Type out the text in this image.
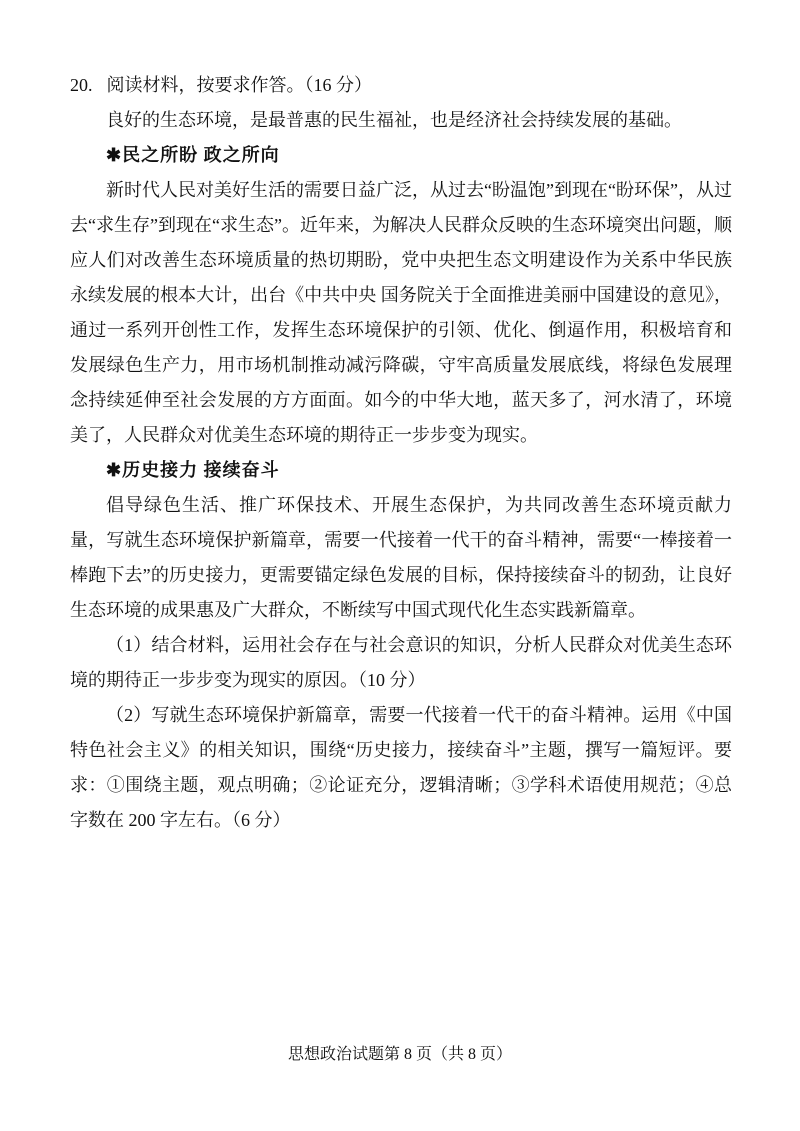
20. 阅读材料，按要求作答。（16 分）

良好的生态环境，是最普惠的民生福祉，也是经济社会持续发展的基础。

✱民之所盼 政之所向

新时代人民对美好生活的需要日益广泛，从过去“盼温饱”到现在“盼环保”，从过去“求生存”到现在“求生态”。近年来，为解决人民群众反映的生态环境突出问题，顺应人们对改善生态环境质量的热切期盼，党中央把生态文明建设作为关系中华民族永续发展的根本大计，出台《中共中央 国务院关于全面推进美丽中国建设的意见》，通过一系列开创性工作，发挥生态环境保护的引领、优化、倒逼作用，积极培育和发展绿色生产力，用市场机制推动减污降碳，守牢高质量发展底线，将绿色发展理念持续延伸至社会发展的方方面面。如今的中华大地，蓝天多了，河水清了，环境美了，人民群众对优美生态环境的期待正一步步变为现实。

✱历史接力 接续奋斗

倡导绿色生活、推广环保技术、开展生态保护，为共同改善生态环境贡献力量，写就生态环境保护新篇章，需要一代接着一代干的奋斗精神，需要“一棒接着一棒跑下去”的历史接力，更需要锚定绿色发展的目标，保持接续奋斗的韧劲，让良好生态环境的成果惠及广大群众，不断续写中国式现代化生态实践新篇章。

（1）结合材料，运用社会存在与社会意识的知识，分析人民群众对优美生态环境的期待正一步步变为现实的原因。（10 分）

（2）写就生态环境保护新篇章，需要一代接着一代干的奋斗精神。运用《中国特色社会主义》的相关知识，围绕“历史接力，接续奋斗”主题，撰写一篇短评。要求：①围绕主题，观点明确；②论证充分，逻辑清晰；③学科术语使用规范；④总字数在 200 字左右。（6 分）

思想政治试题第 8 页（共 8 页）
